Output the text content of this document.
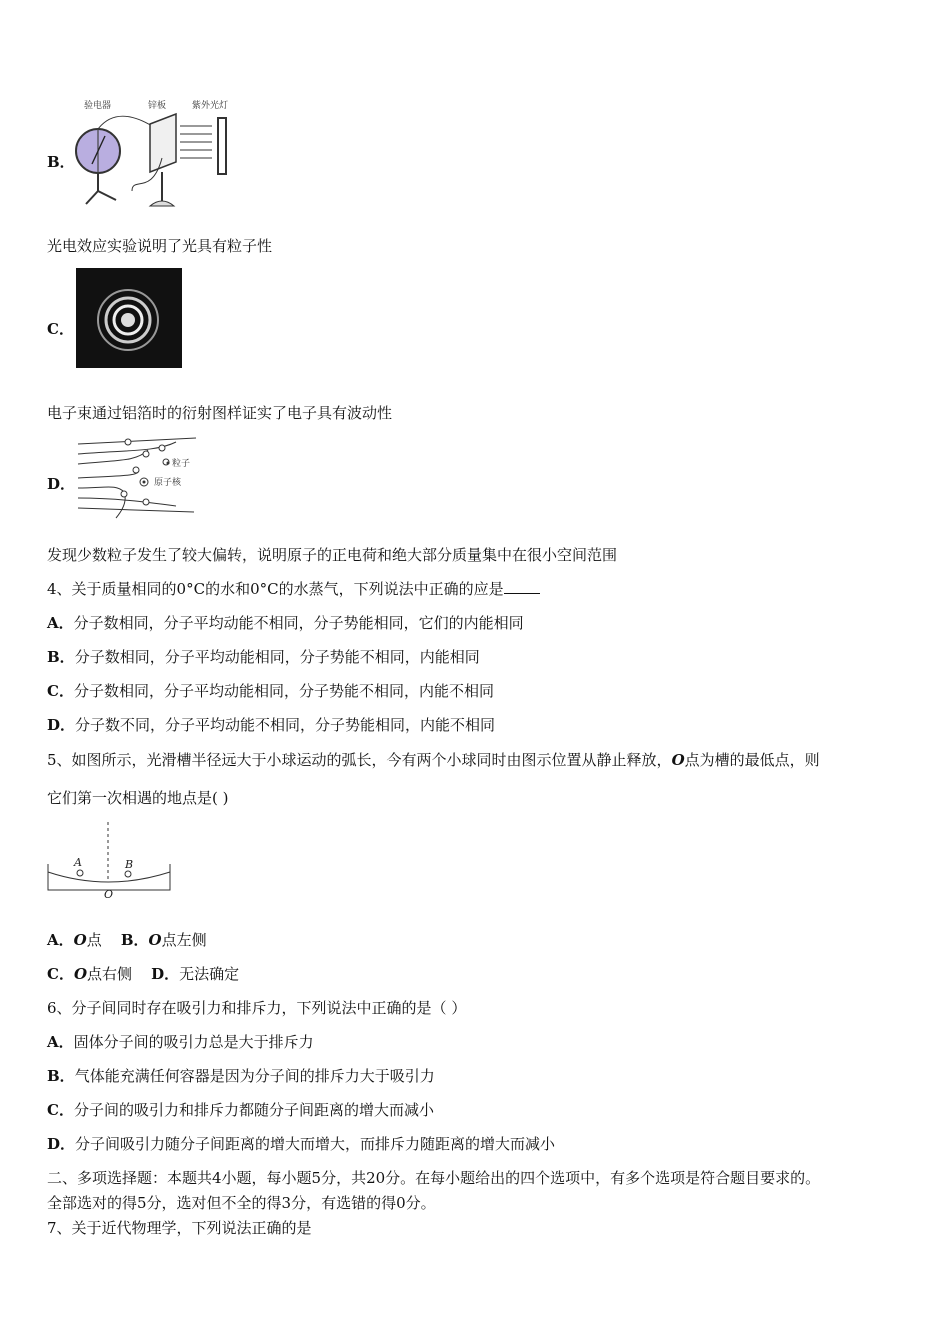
B．
验电器	锌板	紫外光灯
光电效应实验说明了光具有粒子性
C．
电子束通过铝箔时的衍射图样证实了电子具有波动性
D．
粒子
原子核
发现少数粒子发生了较大偏转，说明原子的正电荷和绝大部分质量集中在很小空间范围
4、关于质量相同的0°C的水和0°C的水蒸气，下列说法中正确的应是
A．分子数相同，分子平均动能不相同，分子势能相同，它们的内能相同
B．分子数相同，分子平均动能相同，分子势能不相同，内能相同
C．分子数相同，分子平均动能相同，分子势能不相同，内能不相同
D．分子数不同，分子平均动能不相同，分子势能相同，内能不相同
5、如图所示，光滑槽半径远大于小球运动的弧长，今有两个小球同时由图示位置从静止释放，O点为槽的最低点，则
它们第一次相遇的地点是( )
A	B
O
A．O点 B．O点左侧
C．O点右侧 D．无法确定
6、分子间同时存在吸引力和排斥力，下列说法中正确的是（ ）
A．固体分子间的吸引力总是大于排斥力
B．气体能充满任何容器是因为分子间的排斥力大于吸引力
C．分子间的吸引力和排斥力都随分子间距离的增大而减小
D．分子间吸引力随分子间距离的增大而增大，而排斥力随距离的增大而减小
二、多项选择题：本题共4小题，每小题5分，共20分。在每小题给出的四个选项中，有多个选项是符合题目要求的。
全部选对的得5分，选对但不全的得3分，有选错的得0分。
7、关于近代物理学，下列说法正确的是
